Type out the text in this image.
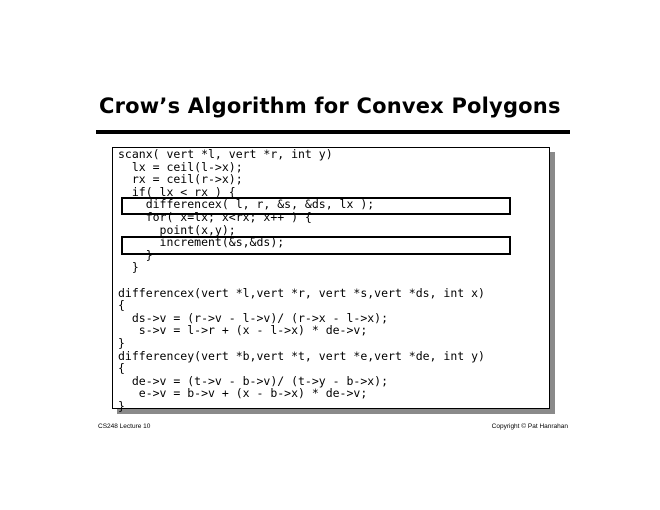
Crow’s Algorithm for Convex Polygons
scanx( vert *l, vert *r, int y)
lx = ceil(l->x);
rx = ceil(r->x);
if( lx < rx ) {
differencex( l, r, &s, &ds, lx );
for( x=lx; x<rx; x++ ) {
point(x,y);
increment(&s,&ds);
}
}

differencex(vert *l,vert *r, vert *s,vert *ds, int x)
{
ds->v = (r->v - l->v)/ (r->x - l->x);
s->v = l->r + (x - l->x) * de->v;
}
differencey(vert *b,vert *t, vert *e,vert *de, int y)
{
de->v = (t->v - b->v)/ (t->y - b->x);
e->v = b->v + (x - b->x) * de->v;
}

CS248 Lecture 10	Copyright © Pat Hanrahan
